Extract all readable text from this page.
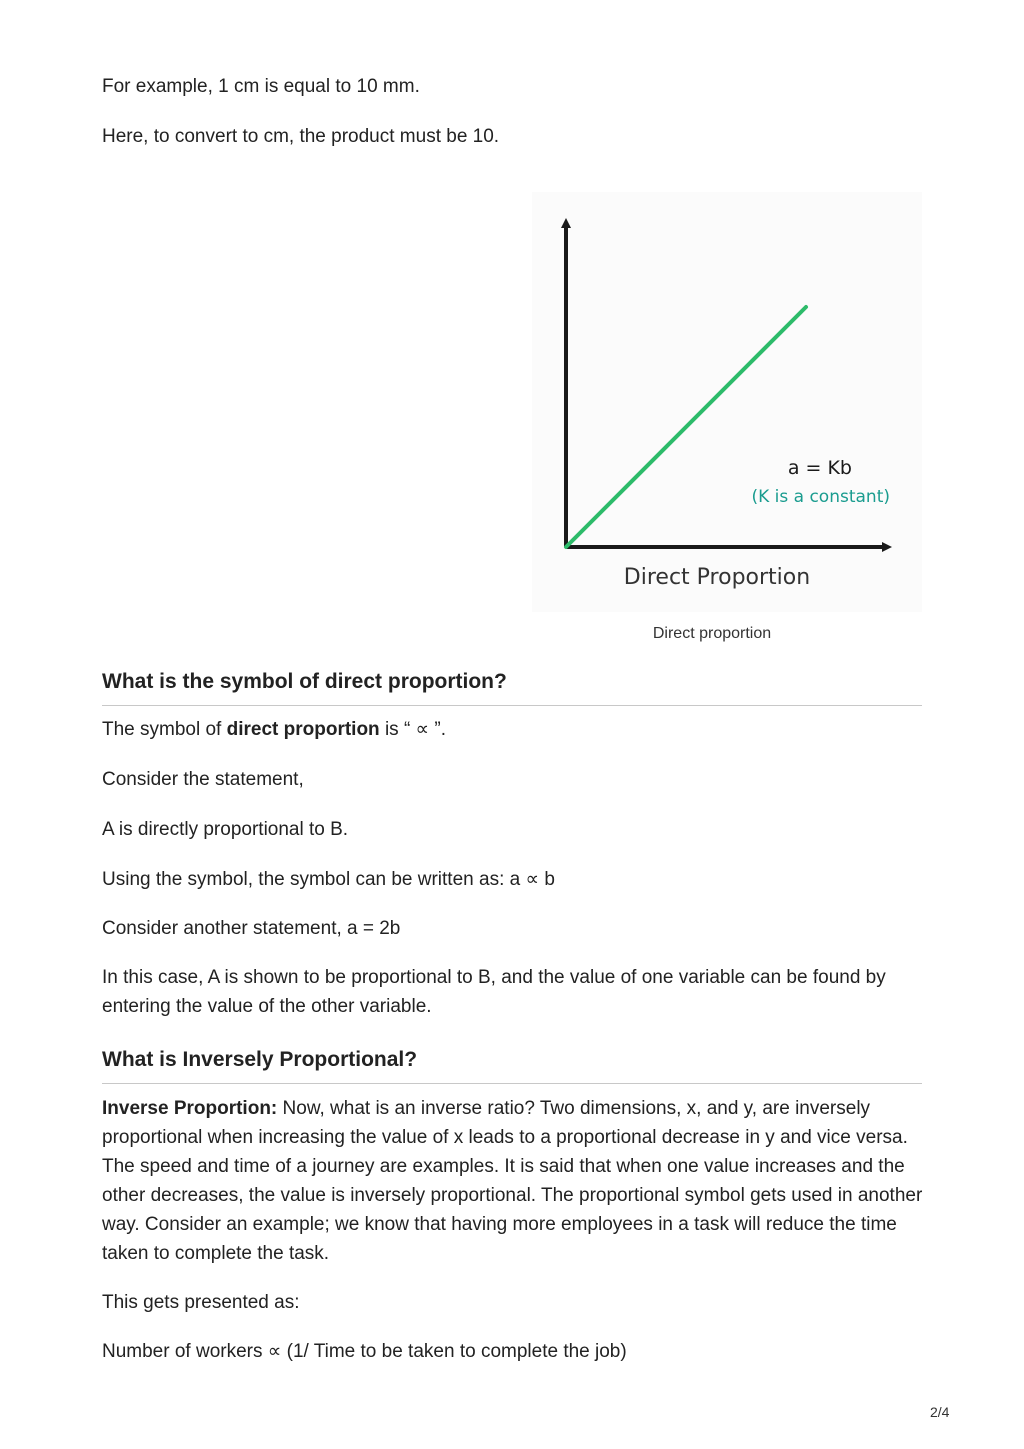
For example, 1 cm is equal to 10 mm.

Here, to convert to cm, the product must be 10.

a = Kb
(K is a constant)
Direct Proportion
Direct proportion
What is the symbol of direct proportion?

The symbol of direct proportion is “ ∝ ”.

Consider the statement,

A is directly proportional to B.

Using the symbol, the symbol can be written as: a ∝ b

Consider another statement, a = 2b

In this case, A is shown to be proportional to B, and the value of one variable can be found by entering the value of the other variable.

What is Inversely Proportional?

Inverse Proportion: Now, what is an inverse ratio? Two dimensions, x, and y, are inversely proportional when increasing the value of x leads to a proportional decrease in y and vice versa. The speed and time of a journey are examples. It is said that when one value increases and the other decreases, the value is inversely proportional. The proportional symbol gets used in another way. Consider an example; we know that having more employees in a task will reduce the time taken to complete the task.

This gets presented as:

Number of workers ∝ (1/ Time to be taken to complete the job)

2/4
